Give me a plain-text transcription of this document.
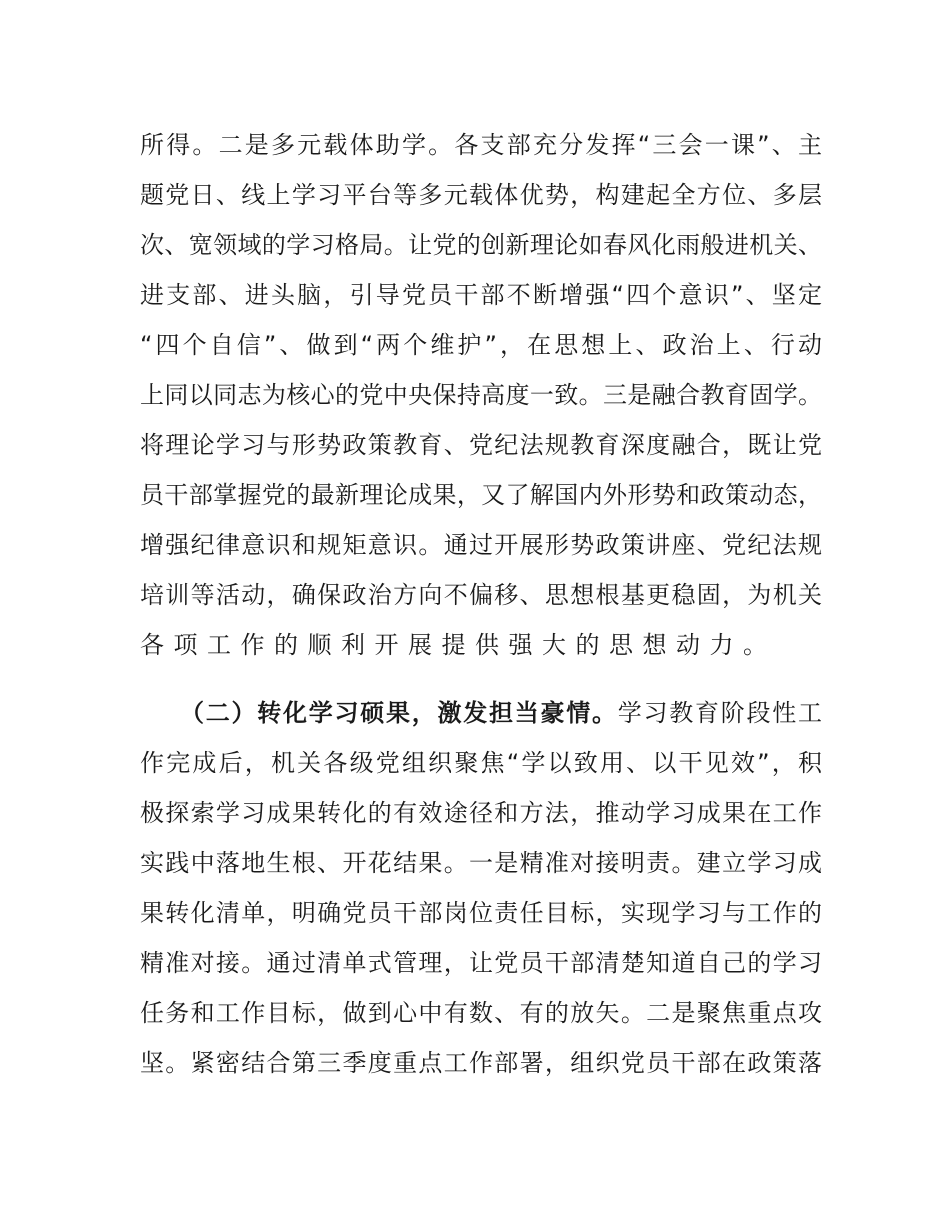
所得。二是多元载体助学。各支部充分发挥“三会一课”、主
题党日、线上学习平台等多元载体优势，构建起全方位、多层
次、宽领域的学习格局。让党的创新理论如春风化雨般进机关、
进支部、进头脑，引导党员干部不断增强“四个意识”、坚定
“四个自信”、做到“两个维护”，在思想上、政治上、行动
上同以同志为核心的党中央保持高度一致。三是融合教育固学。
将理论学习与形势政策教育、党纪法规教育深度融合，既让党
员干部掌握党的最新理论成果，又了解国内外形势和政策动态，
增强纪律意识和规矩意识。通过开展形势政策讲座、党纪法规
培训等活动，确保政治方向不偏移、思想根基更稳固，为机关
各项工作的顺利开展提供强大的思想动力。
（二）转化学习硕果，激发担当豪情。学习教育阶段性工
作完成后，机关各级党组织聚焦“学以致用、以干见效”，积
极探索学习成果转化的有效途径和方法，推动学习成果在工作
实践中落地生根、开花结果。一是精准对接明责。建立学习成
果转化清单，明确党员干部岗位责任目标，实现学习与工作的
精准对接。通过清单式管理，让党员干部清楚知道自己的学习
任务和工作目标，做到心中有数、有的放矢。二是聚焦重点攻
坚。紧密结合第三季度重点工作部署，组织党员干部在政策落
